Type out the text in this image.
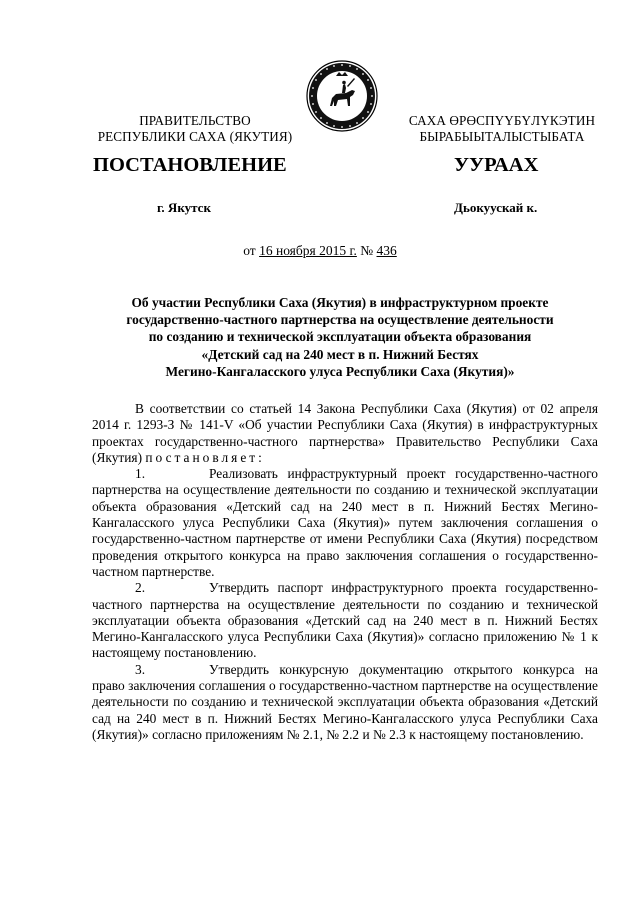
ПРАВИТЕЛЬСТВО
РЕСПУБЛИКИ САХА (ЯКУТИЯ)
САХА ӨРӨСПҮҮБҮЛҮКЭТИН
БЫРАБЫЫТАЛЫСТЫБАТА
ПОСТАНОВЛЕНИЕ	УУРААХ
г. Якутск	Дьокуускай к.
от 16 ноября 2015 г. № 436
Об участии Республики Саха (Якутия) в инфраструктурном проекте
государственно-частного партнерства на осуществление деятельности
по созданию и технической эксплуатации объекта образования
«Детский сад на 240 мест в п. Нижний Бестях
Мегино-Кангаласского улуса Республики Саха (Якутия)»

В соответствии со статьей 14 Закона Республики Саха (Якутия) от 02 апреля 2014 г. 1293-З № 141-V «Об участии Республики Саха (Якутия) в инфраструктурных проектах государственно-частного партнерства» Правительство Республики Саха (Якутия) постановляет:

1.	Реализовать инфраструктурный проект государственно-частного партнерства на осуществление деятельности по созданию и технической эксплуатации объекта образования «Детский сад на 240 мест в п. Нижний Бестях Мегино-Кангаласского улуса Республики Саха (Якутия)» путем заключения соглашения о государственно-частном партнерстве от имени Республики Саха (Якутия) посредством проведения открытого конкурса на право заключения соглашения о государственно-частном партнерстве.

2.	Утвердить паспорт инфраструктурного проекта государственно-частного партнерства на осуществление деятельности по созданию и технической эксплуатации объекта образования «Детский сад на 240 мест в п. Нижний Бестях Мегино-Кангаласского улуса Республики Саха (Якутия)» согласно приложению № 1 к настоящему постановлению.

3.	Утвердить конкурсную документацию открытого конкурса на право заключения соглашения о государственно-частном партнерстве на осуществление деятельности по созданию и технической эксплуатации объекта образования «Детский сад на 240 мест в п. Нижний Бестях Мегино-Кангаласского улуса Республики Саха (Якутия)» согласно приложениям № 2.1, № 2.2 и № 2.3 к настоящему постановлению.
